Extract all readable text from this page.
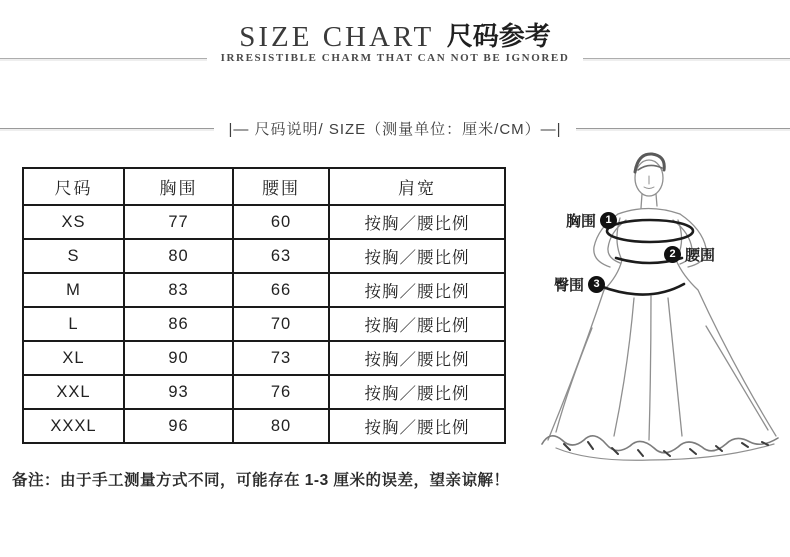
SIZE CHART 尺码参考
IRRESISTIBLE CHARM THAT CAN NOT BE IGNORED
|— 尺码说明/ SIZE（测量单位：厘米/CM）—|
尺码	胸围	腰围	肩宽
XS	77	60	按胸／腰比例
S	80	63	按胸／腰比例
M	83	66	按胸／腰比例
L	86	70	按胸／腰比例
XL	90	73	按胸／腰比例
XXL	93	76	按胸／腰比例
XXXL	96	80	按胸／腰比例
备注：由于手工测量方式不同，可能存在 1-3 厘米的误差，望亲谅解！
胸围 1
2 腰围
臀围 3
